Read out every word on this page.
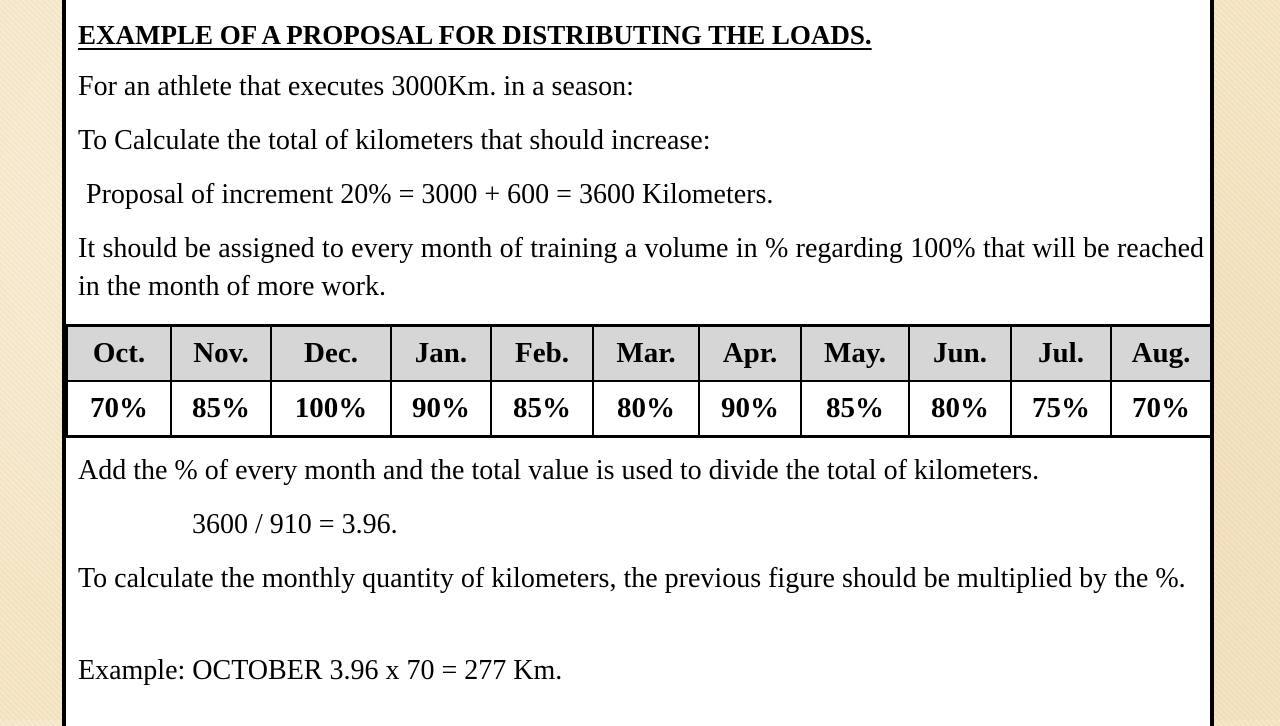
EXAMPLE OF A PROPOSAL FOR DISTRIBUTING THE LOADS.

For an athlete that executes 3000Km. in a season:

To Calculate the total of kilometers that should increase:

Proposal of increment 20% = 3000 + 600 = 3600 Kilometers.

It should be assigned to every month of training a volume in % regarding 100% that will be reached in the month of more work.

Oct.	Nov.	Dec.	Jan.	Feb.	Mar.	Apr.	May.	Jun.	Jul.	Aug.
70%	85%	100%	90%	85%	80%	90%	85%	80%	75%	70%

Add the % of every month and the total value is used to divide the total of kilometers.

3600 / 910 = 3.96.

To calculate the monthly quantity of kilometers, the previous figure should be multiplied by the %.

Example: OCTOBER 3.96 x 70 = 277 Km.
